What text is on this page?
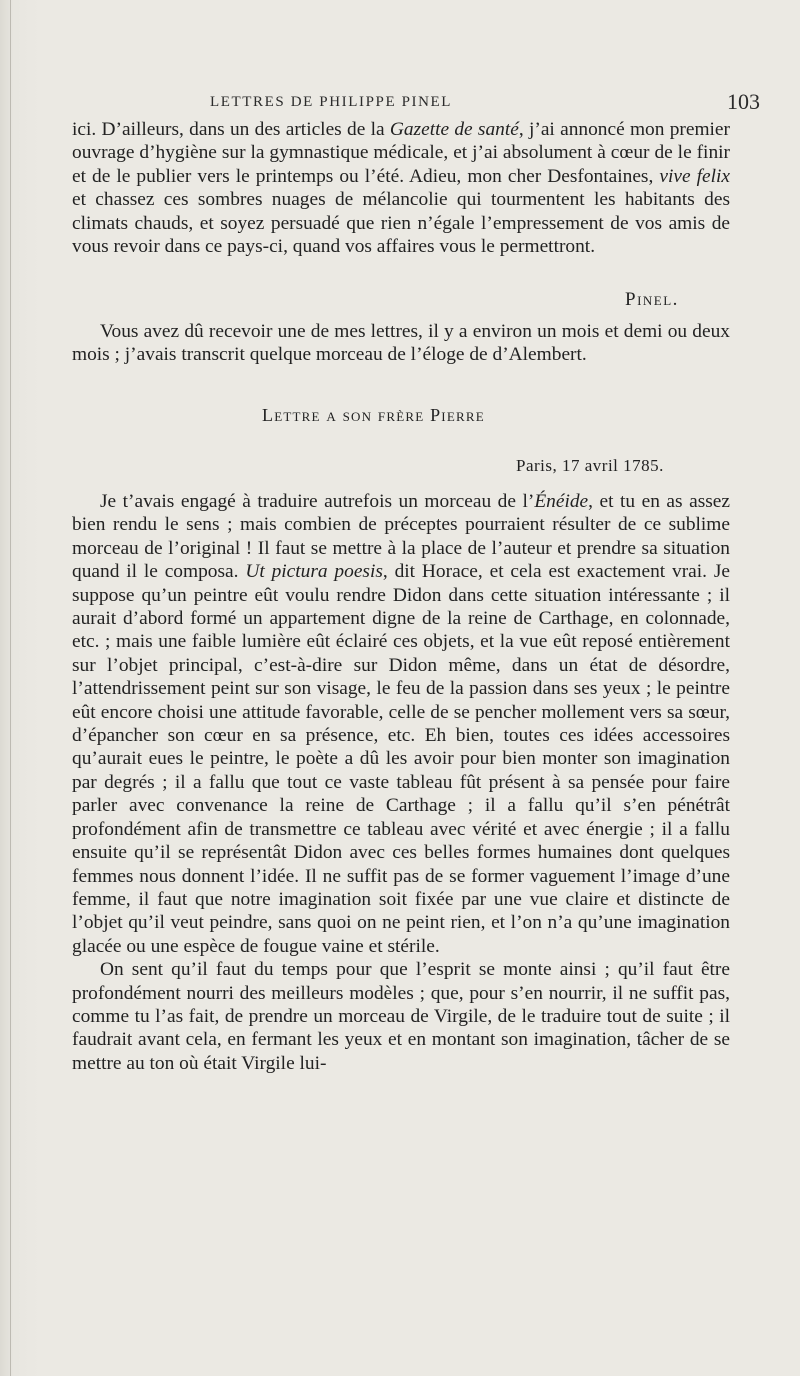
LETTRES DE PHILIPPE PINEL	103

ici. D’ailleurs, dans un des articles de la Gazette de santé, j’ai annoncé mon premier ouvrage d’hygiène sur la gymnastique médicale, et j’ai absolument à cœur de le finir et de le publier vers le printemps ou l’été. Adieu, mon cher Desfontaines, vive felix et chassez ces sombres nuages de mélancolie qui tourmentent les habitants des climats chauds, et soyez persuadé que rien n’égale l’empressement de vos amis de vous revoir dans ce pays-ci, quand vos affaires vous le permettront.

Pinel.

Vous avez dû recevoir une de mes lettres, il y a environ un mois et demi ou deux mois ; j’avais transcrit quelque morceau de l’éloge de d’Alembert.

Lettre a son frère Pierre
Paris, 17 avril 1785.

Je t’avais engagé à traduire autrefois un morceau de l’Énéide, et tu en as assez bien rendu le sens ; mais combien de préceptes pourraient résulter de ce sublime morceau de l’original ! Il faut se mettre à la place de l’auteur et prendre sa situation quand il le composa. Ut pictura poesis, dit Horace, et cela est exactement vrai. Je suppose qu’un peintre eût voulu rendre Didon dans cette situation intéressante ; il aurait d’abord formé un appartement digne de la reine de Carthage, en colonnade, etc. ; mais une faible lumière eût éclairé ces objets, et la vue eût reposé entièrement sur l’objet principal, c’est-à-dire sur Didon même, dans un état de désordre, l’attendrissement peint sur son visage, le feu de la passion dans ses yeux ; le peintre eût encore choisi une attitude favorable, celle de se pencher mollement vers sa sœur, d’épancher son cœur en sa présence, etc. Eh bien, toutes ces idées accessoires qu’aurait eues le peintre, le poète a dû les avoir pour bien monter son imagination par degrés ; il a fallu que tout ce vaste tableau fût présent à sa pensée pour faire parler avec convenance la reine de Carthage ; il a fallu qu’il s’en pénétrât profondément afin de transmettre ce tableau avec vérité et avec énergie ; il a fallu ensuite qu’il se représentât Didon avec ces belles formes humaines dont quelques femmes nous donnent l’idée. Il ne suffit pas de se former vaguement l’image d’une femme, il faut que notre imagination soit fixée par une vue claire et distincte de l’objet qu’il veut peindre, sans quoi on ne peint rien, et l’on n’a qu’une imagination glacée ou une espèce de fougue vaine et stérile.

On sent qu’il faut du temps pour que l’esprit se monte ainsi ; qu’il faut être profondément nourri des meilleurs modèles ; que, pour s’en nourrir, il ne suffit pas, comme tu l’as fait, de prendre un morceau de Virgile, de le traduire tout de suite ; il faudrait avant cela, en fermant les yeux et en montant son imagination, tâcher de se mettre au ton où était Virgile lui-
